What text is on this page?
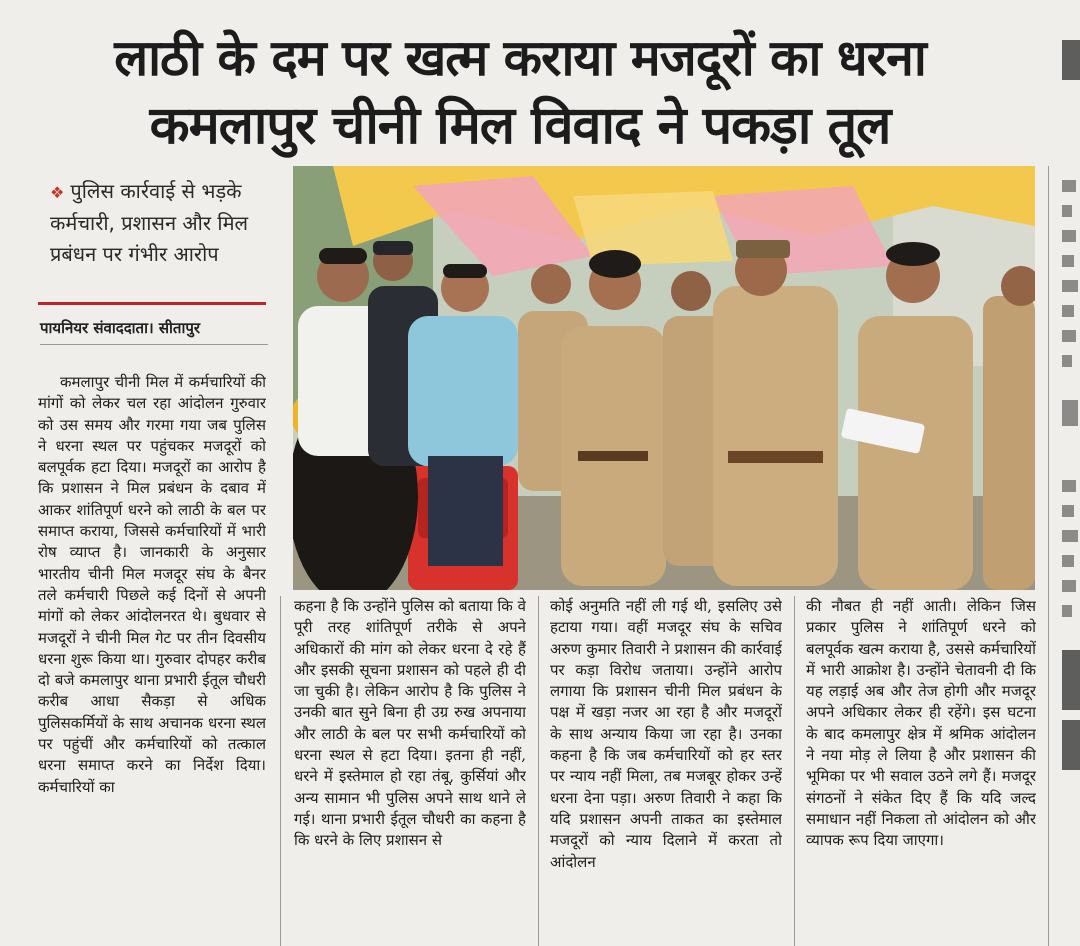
लाठी के दम पर खत्म कराया मजदूरों का धरना
कमलापुर चीनी मिल विवाद ने पकड़ा तूल
❖ पुलिस कार्रवाई से भड़के कर्मचारी, प्रशासन और मिल प्रबंधन पर गंभीर आरोप
पायनियर संवाददाता। सीतापुर

कमलापुर चीनी मिल में कर्मचारियों की मांगों को लेकर चल रहा आंदोलन गुरुवार को उस समय और गरमा गया जब पुलिस ने धरना स्थल पर पहुंचकर मजदूरों को बलपूर्वक हटा दिया। मजदूरों का आरोप है कि प्रशासन ने मिल प्रबंधन के दबाव में आकर शांतिपूर्ण धरने को लाठी के बल पर समाप्त कराया, जिससे कर्मचारियों में भारी रोष व्याप्त है। जानकारी के अनुसार भारतीय चीनी मिल मजदूर संघ के बैनर तले कर्मचारी पिछले कई दिनों से अपनी मांगों को लेकर आंदोलनरत थे। बुधवार से मजदूरों ने चीनी मिल गेट पर तीन दिवसीय धरना शुरू किया था। गुरुवार दोपहर करीब दो बजे कमलापुर थाना प्रभारी ईतूल चौधरी करीब आधा सैकड़ा से अधिक पुलिसकर्मियों के साथ अचानक धरना स्थल पर पहुंचीं और कर्मचारियों को तत्काल धरना समाप्त करने का निर्देश दिया। कर्मचारियों का

कहना है कि उन्होंने पुलिस को बताया कि वे पूरी तरह शांतिपूर्ण तरीके से अपने अधिकारों की मांग को लेकर धरना दे रहे हैं और इसकी सूचना प्रशासन को पहले ही दी जा चुकी है। लेकिन आरोप है कि पुलिस ने उनकी बात सुने बिना ही उग्र रुख अपनाया और लाठी के बल पर सभी कर्मचारियों को धरना स्थल से हटा दिया। इतना ही नहीं, धरने में इस्तेमाल हो रहा तंबू, कुर्सियां और अन्य सामान भी पुलिस अपने साथ थाने ले गई। थाना प्रभारी ईतूल चौधरी का कहना है कि धरने के लिए प्रशासन से

कोई अनुमति नहीं ली गई थी, इसलिए उसे हटाया गया। वहीं मजदूर संघ के सचिव अरुण कुमार तिवारी ने प्रशासन की कार्रवाई पर कड़ा विरोध जताया। उन्होंने आरोप लगाया कि प्रशासन चीनी मिल प्रबंधन के पक्ष में खड़ा नजर आ रहा है और मजदूरों के साथ अन्याय किया जा रहा है। उनका कहना है कि जब कर्मचारियों को हर स्तर पर न्याय नहीं मिला, तब मजबूर होकर उन्हें धरना देना पड़ा। अरुण तिवारी ने कहा कि यदि प्रशासन अपनी ताकत का इस्तेमाल मजदूरों को न्याय दिलाने में करता तो आंदोलन

की नौबत ही नहीं आती। लेकिन जिस प्रकार पुलिस ने शांतिपूर्ण धरने को बलपूर्वक खत्म कराया है, उससे कर्मचारियों में भारी आक्रोश है। उन्होंने चेतावनी दी कि यह लड़ाई अब और तेज होगी और मजदूर अपने अधिकार लेकर ही रहेंगे। इस घटना के बाद कमलापुर क्षेत्र में श्रमिक आंदोलन ने नया मोड़ ले लिया है और प्रशासन की भूमिका पर भी सवाल उठने लगे हैं। मजदूर संगठनों ने संकेत दिए हैं कि यदि जल्द समाधान नहीं निकला तो आंदोलन को और व्यापक रूप दिया जाएगा।
